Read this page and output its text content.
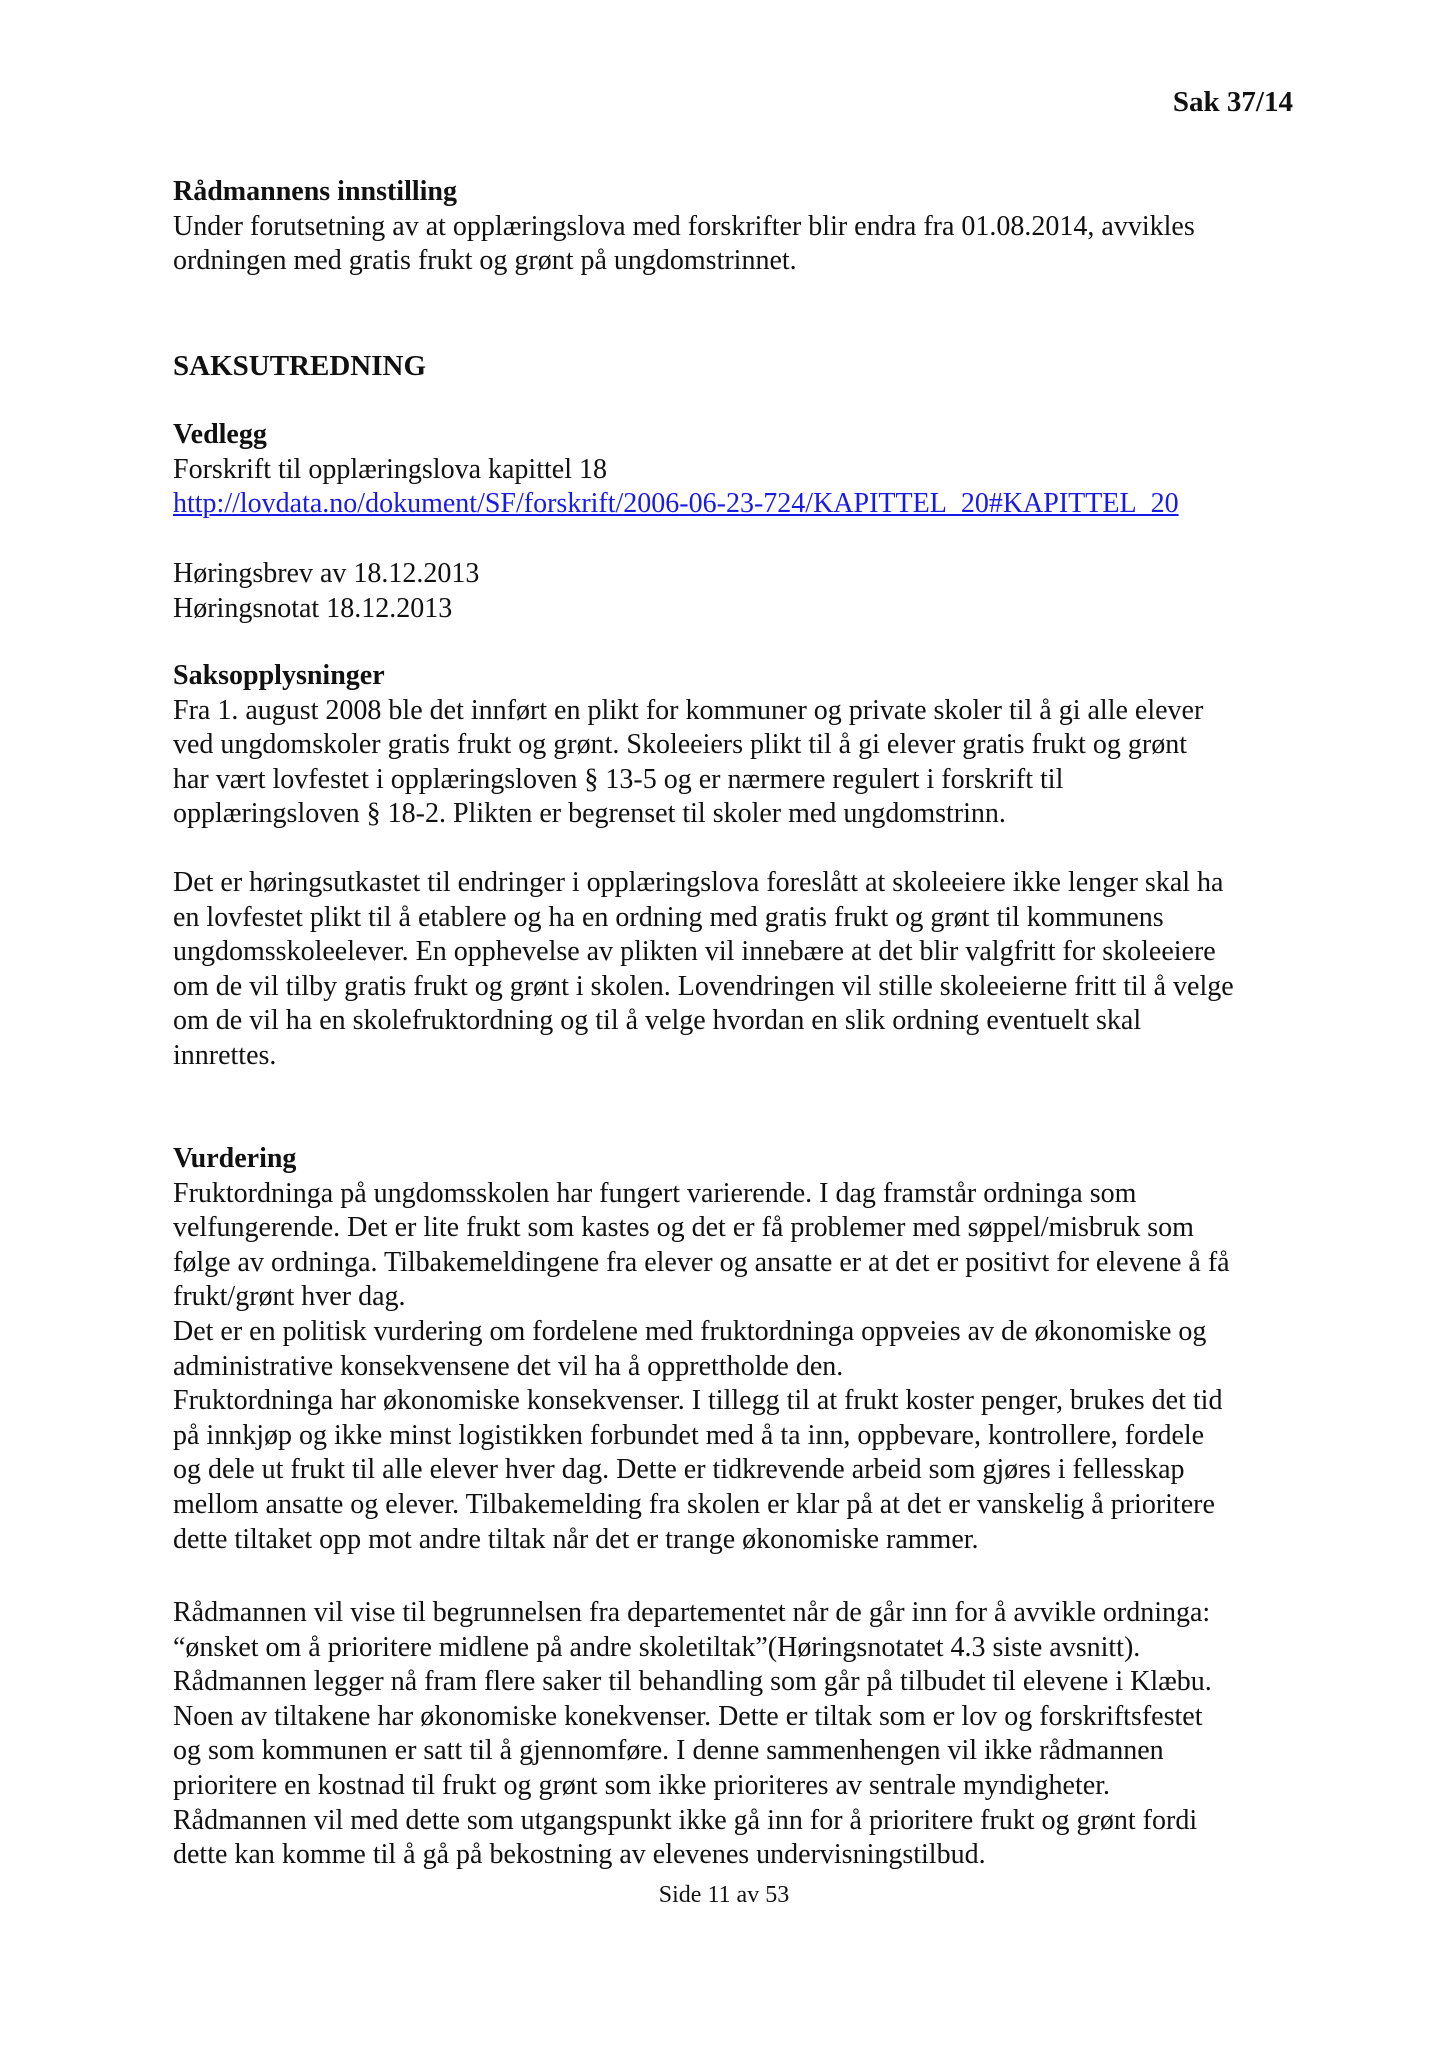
Sak 37/14

Rådmannens innstilling

Under forutsetning av at opplæringslova med forskrifter blir endra fra 01.08.2014, avvikles

ordningen med gratis frukt og grønt på ungdomstrinnet.

SAKSUTREDNING

Vedlegg

Forskrift til opplæringslova kapittel 18

http://lovdata.no/dokument/SF/forskrift/2006-06-23-724/KAPITTEL_20#KAPITTEL_20

Høringsbrev av 18.12.2013

Høringsnotat 18.12.2013

Saksopplysninger

Fra 1. august 2008 ble det innført en plikt for kommuner og private skoler til å gi alle elever

ved ungdomskoler gratis frukt og grønt. Skoleeiers plikt til å gi elever gratis frukt og grønt

har vært lovfestet i opplæringsloven § 13-5 og er nærmere regulert i forskrift til

opplæringsloven § 18-2. Plikten er begrenset til skoler med ungdomstrinn.

Det er høringsutkastet til endringer i opplæringslova foreslått at skoleeiere ikke lenger skal ha

en lovfestet plikt til å etablere og ha en ordning med gratis frukt og grønt til kommunens

ungdomsskoleelever. En opphevelse av plikten vil innebære at det blir valgfritt for skoleeiere

om de vil tilby gratis frukt og grønt i skolen. Lovendringen vil stille skoleeierne fritt til å velge

om de vil ha en skolefruktordning og til å velge hvordan en slik ordning eventuelt skal

innrettes.

Vurdering

Fruktordninga på ungdomsskolen har fungert varierende. I dag framstår ordninga som

velfungerende. Det er lite frukt som kastes og det er få problemer med søppel/misbruk som

følge av ordninga. Tilbakemeldingene fra elever og ansatte er at det er positivt for elevene å få

frukt/grønt hver dag.

Det er en politisk vurdering om fordelene med fruktordninga oppveies av de økonomiske og

administrative konsekvensene det vil ha å opprettholde den.

Fruktordninga har økonomiske konsekvenser. I tillegg til at frukt koster penger, brukes det tid

på innkjøp og ikke minst logistikken forbundet med å ta inn, oppbevare, kontrollere, fordele

og dele ut frukt til alle elever hver dag. Dette er tidkrevende arbeid som gjøres i fellesskap

mellom ansatte og elever. Tilbakemelding fra skolen er klar på at det er vanskelig å prioritere

dette tiltaket opp mot andre tiltak når det er trange økonomiske rammer.

Rådmannen vil vise til begrunnelsen fra departementet når de går inn for å avvikle ordninga:

“ønsket om å prioritere midlene på andre skoletiltak”(Høringsnotatet 4.3 siste avsnitt).

Rådmannen legger nå fram flere saker til behandling som går på tilbudet til elevene i Klæbu.

Noen av tiltakene har økonomiske konekvenser. Dette er tiltak som er lov og forskriftsfestet

og som kommunen er satt til å gjennomføre. I denne sammenhengen vil ikke rådmannen

prioritere en kostnad til frukt og grønt som ikke prioriteres av sentrale myndigheter.

Rådmannen vil med dette som utgangspunkt ikke gå inn for å prioritere frukt og grønt fordi

dette kan komme til å gå på bekostning av elevenes undervisningstilbud.

Side 11 av 53
